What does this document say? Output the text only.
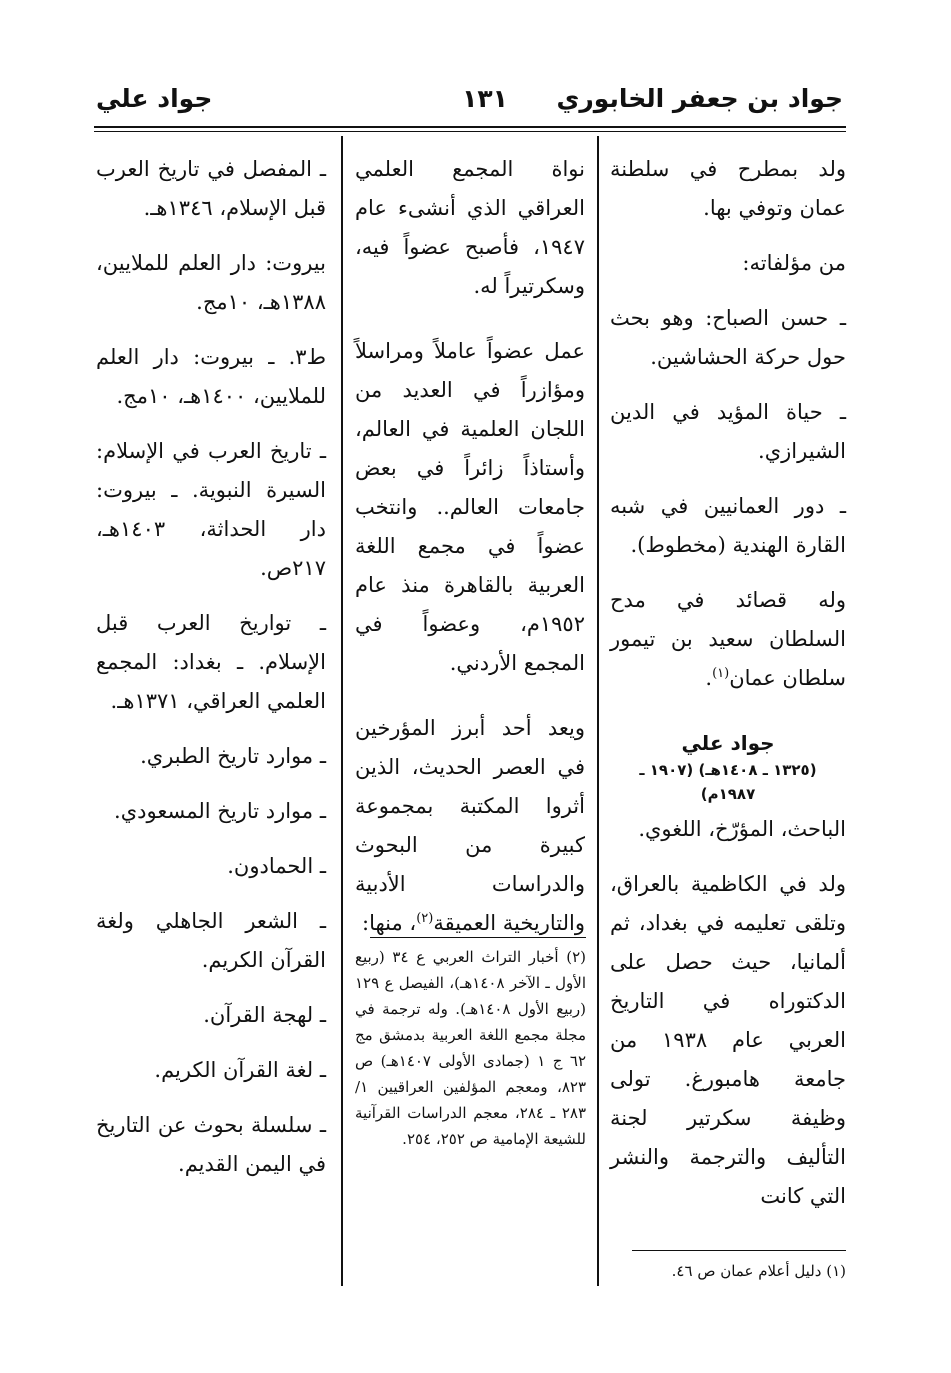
جواد بن جعفر الخابوري
١٣١
جواد علي

ولد بمطرح في سلطنة عمان وتوفي بها.

من مؤلفاته:

ـ حسن الصباح: وهو بحث حول حركة الحشاشين.

ـ حياة المؤيد في الدين الشيرازي.

ـ دور العمانيين في شبه القارة الهندية (مخطوط).

وله قصائد في مدح السلطان سعيد بن تيمور سلطان عمان$^{(١)}$.

جواد علي
(١٣٢٥ ـ ١٤٠٨هـ) (١٩٠٧ ـ ١٩٨٧م)

الباحث، المؤرّخ، اللغوي.

ولد في الكاظمية بالعراق، وتلقى تعليمه في بغداد، ثم ألمانيا، حيث حصل على الدكتوراه في التاريخ العربي عام ١٩٣٨ من جامعة هامبورغ. تولى وظيفة سكرتير لجنة التأليف والترجمة والنشر التي كانت

نواة المجمع العلمي العراقي الذي أنشىء عام ١٩٤٧، فأصبح عضواً فيه، وسكرتيراً له.

عمل عضواً عاملاً ومراسلاً ومؤازراً في العديد من اللجان العلمية في العالم، وأستاذاً زائراً في بعض جامعات العالم.. وانتخب عضواً في مجمع اللغة العربية بالقاهرة منذ عام ١٩٥٢م، وعضواً في المجمع الأردني.

ويعد أحد أبرز المؤرخين في العصر الحديث، الذين أثروا المكتبة بمجموعة كبيرة من البحوث والدراسات الأدبية والتاريخية العميقة$^{(٢)}$، منها:

ـ المفصل في تاريخ العرب قبل الإسلام، ١٣٤٦هـ.

بيروت: دار العلم للملايين، ١٣٨٨هـ، ١٠مج.

ط٣. ـ بيروت: دار العلم للملايين، ١٤٠٠هـ، ١٠مج.

ـ تاريخ العرب في الإسلام: السيرة النبوية. ـ بيروت: دار الحداثة، ١٤٠٣هـ، ٢١٧ص.

ـ تواريخ العرب قبل الإسلام. ـ بغداد: المجمع العلمي العراقي، ١٣٧١هـ.

ـ موارد تاريخ الطبري.

ـ موارد تاريخ المسعودي.

ـ الحمادون.

ـ الشعر الجاهلي ولغة القرآن الكريم.

ـ لهجة القرآن.

ـ لغة القرآن الكريم.

ـ سلسلة بحوث عن التاريخ في اليمن القديم.

(١) دليل أعلام عمان ص ٤٦.
(٢) أخبار التراث العربي ع ٣٤ (ربيع الأول ـ الآخر ١٤٠٨هـ)، الفيصل ع ١٢٩ (ربيع الأول ١٤٠٨هـ). وله ترجمة في مجلة مجمع اللغة العربية بدمشق مج ٦٢ ج ١ (جمادى الأولى ١٤٠٧هـ) ص ٨٢٣، ومعجم المؤلفين العراقيين ١/ ٢٨٣ ـ ٢٨٤، معجم الدراسات القرآنية للشيعة الإمامية ص ٢٥٢، ٢٥٤.
